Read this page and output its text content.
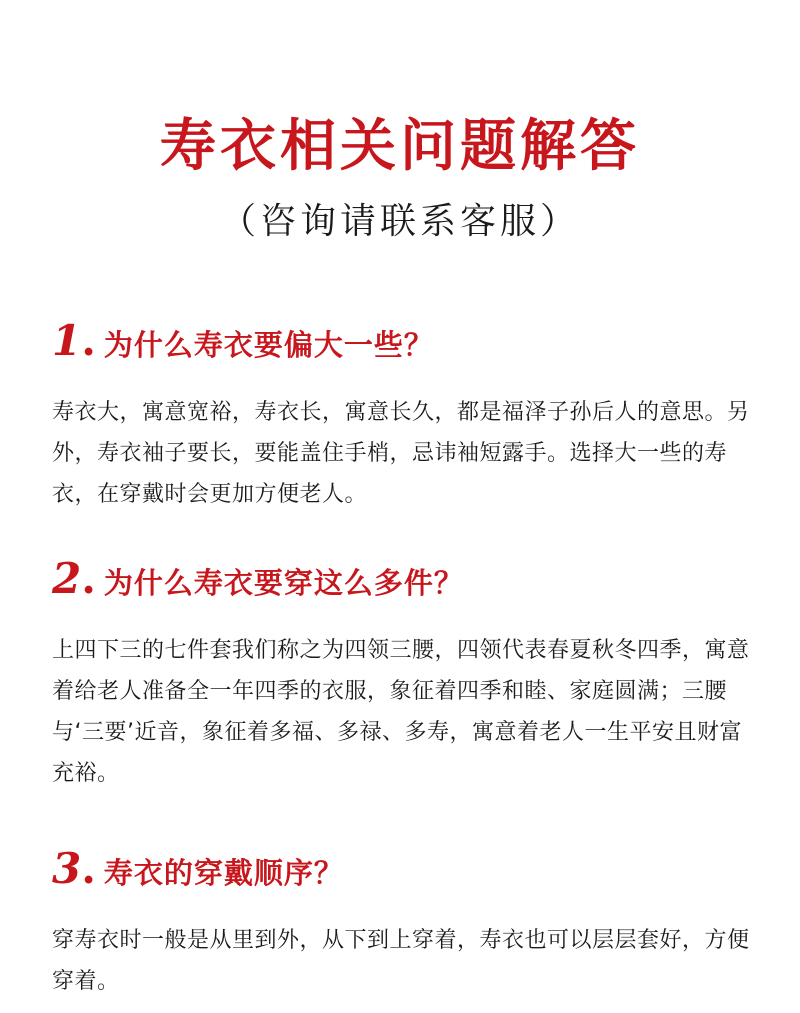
寿衣相关问题解答
（咨询请联系客服）
1 . 为什么寿衣要偏大一些？

寿衣大，寓意宽裕，寿衣长，寓意长久，都是福泽子孙后人的意思。另外，寿衣袖子要长，要能盖住手梢，忌讳袖短露手。选择大一些的寿衣，在穿戴时会更加方便老人。

2 . 为什么寿衣要穿这么多件？

上四下三的七件套我们称之为四领三腰，四领代表春夏秋冬四季，寓意着给老人准备全一年四季的衣服，象征着四季和睦、家庭圆满；三腰与‘三要’近音，象征着多福、多禄、多寿，寓意着老人一生平安且财富充裕。

3 . 寿衣的穿戴顺序？

穿寿衣时一般是从里到外，从下到上穿着，寿衣也可以层层套好，方便穿着。
